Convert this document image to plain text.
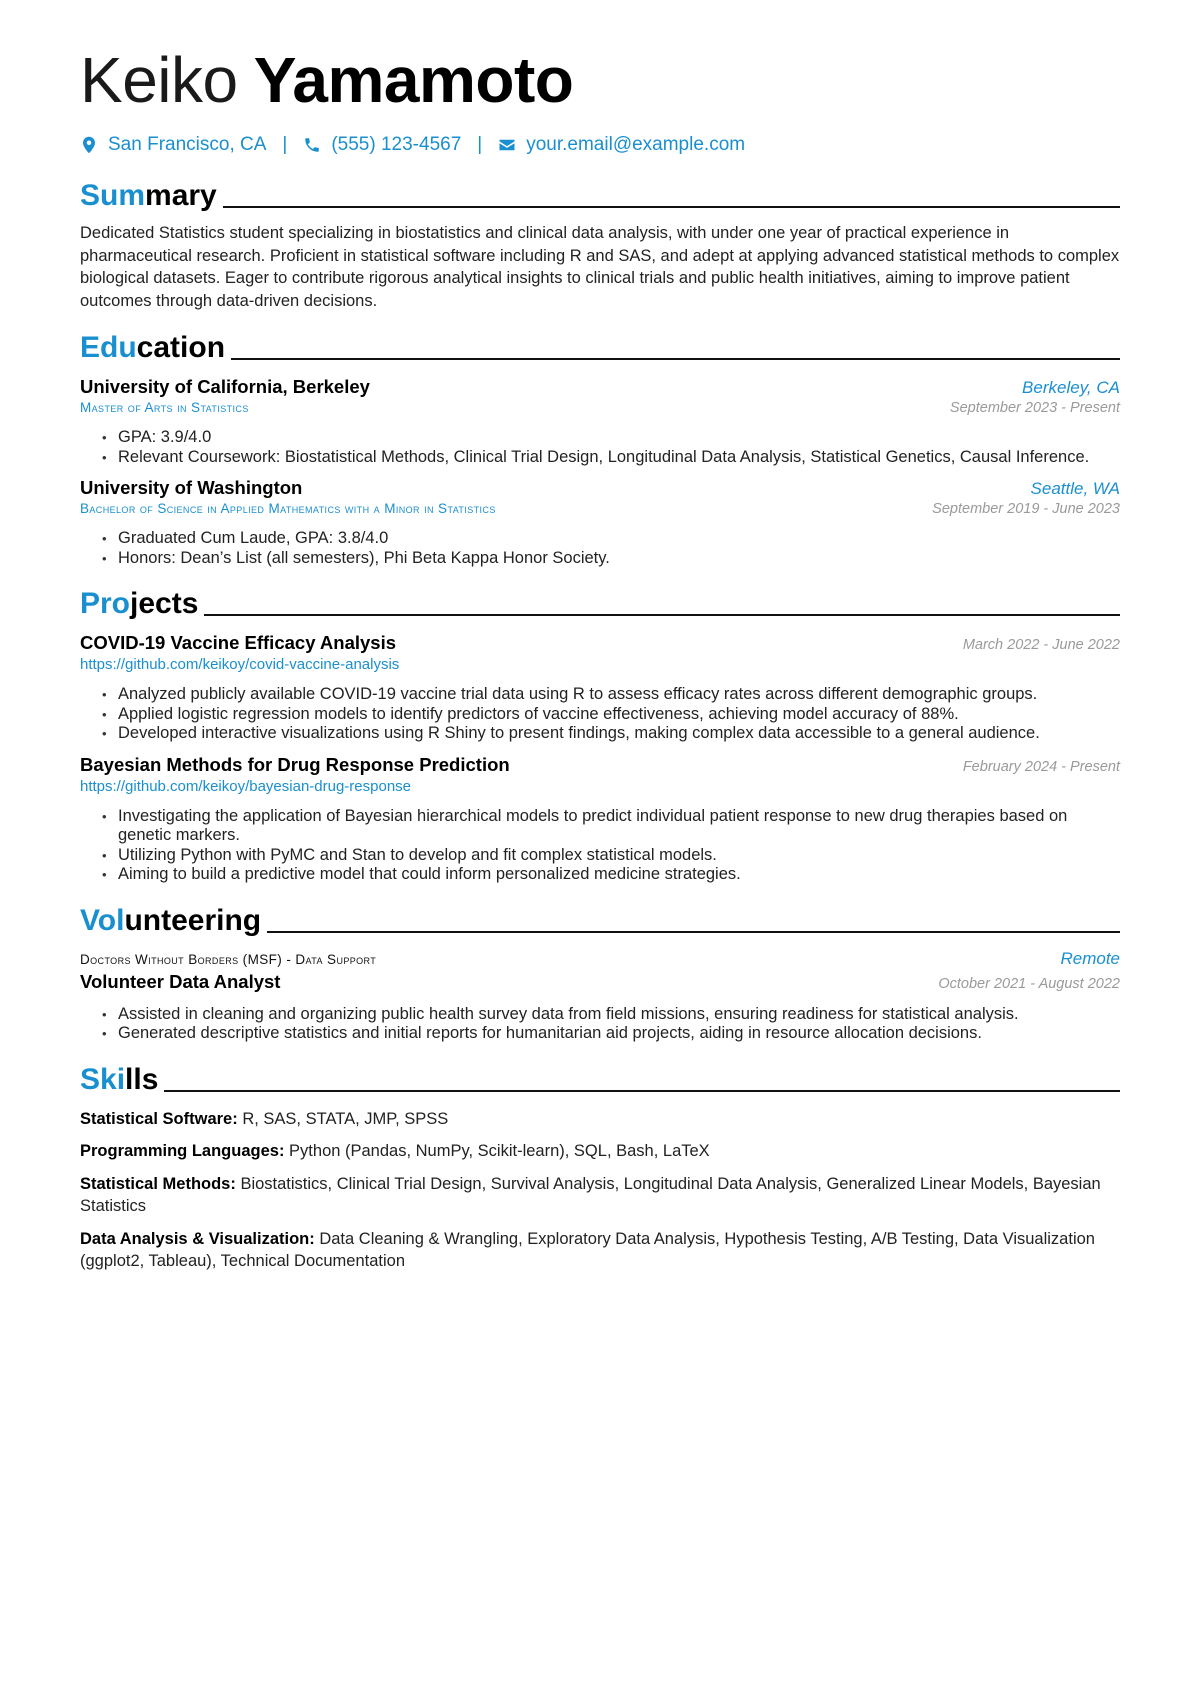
Keiko Yamamoto
San Francisco, CA | (555) 123-4567 | your.email@example.com
Summary

Dedicated Statistics student specializing in biostatistics and clinical data analysis, with under one year of practical experience in pharmaceutical research. Proficient in statistical software including R and SAS, and adept at applying advanced statistical methods to complex biological datasets. Eager to contribute rigorous analytical insights to clinical trials and public health initiatives, aiming to improve patient outcomes through data-driven decisions.

Education
University of California, Berkeley	Berkeley, CA
Master of Arts in Statistics	September 2023 - Present
• GPA: 3.9/4.0
• Relevant Coursework: Biostatistical Methods, Clinical Trial Design, Longitudinal Data Analysis, Statistical Genetics, Causal Inference.
University of Washington	Seattle, WA
Bachelor of Science in Applied Mathematics with a Minor in Statistics	September 2019 - June 2023
• Graduated Cum Laude, GPA: 3.8/4.0
• Honors: Dean’s List (all semesters), Phi Beta Kappa Honor Society.
Projects
COVID-19 Vaccine Efficacy Analysis	March 2022 - June 2022
https://github.com/keikoy/covid-vaccine-analysis
• Analyzed publicly available COVID-19 vaccine trial data using R to assess efficacy rates across different demographic groups.
• Applied logistic regression models to identify predictors of vaccine effectiveness, achieving model accuracy of 88%.
• Developed interactive visualizations using R Shiny to present findings, making complex data accessible to a general audience.
Bayesian Methods for Drug Response Prediction	February 2024 - Present
https://github.com/keikoy/bayesian-drug-response
• Investigating the application of Bayesian hierarchical models to predict individual patient response to new drug therapies based on genetic markers.
• Utilizing Python with PyMC and Stan to develop and fit complex statistical models.
• Aiming to build a predictive model that could inform personalized medicine strategies.
Volunteering
Doctors Without Borders (MSF) - Data Support	Remote
Volunteer Data Analyst	October 2021 - August 2022
• Assisted in cleaning and organizing public health survey data from field missions, ensuring readiness for statistical analysis.
• Generated descriptive statistics and initial reports for humanitarian aid projects, aiding in resource allocation decisions.
Skills
Statistical Software: R, SAS, STATA, JMP, SPSS
Programming Languages: Python (Pandas, NumPy, Scikit-learn), SQL, Bash, LaTeX
Statistical Methods: Biostatistics, Clinical Trial Design, Survival Analysis, Longitudinal Data Analysis, Generalized Linear Models, Bayesian Statistics
Data Analysis & Visualization: Data Cleaning & Wrangling, Exploratory Data Analysis, Hypothesis Testing, A/B Testing, Data Visualization (ggplot2, Tableau), Technical Documentation
